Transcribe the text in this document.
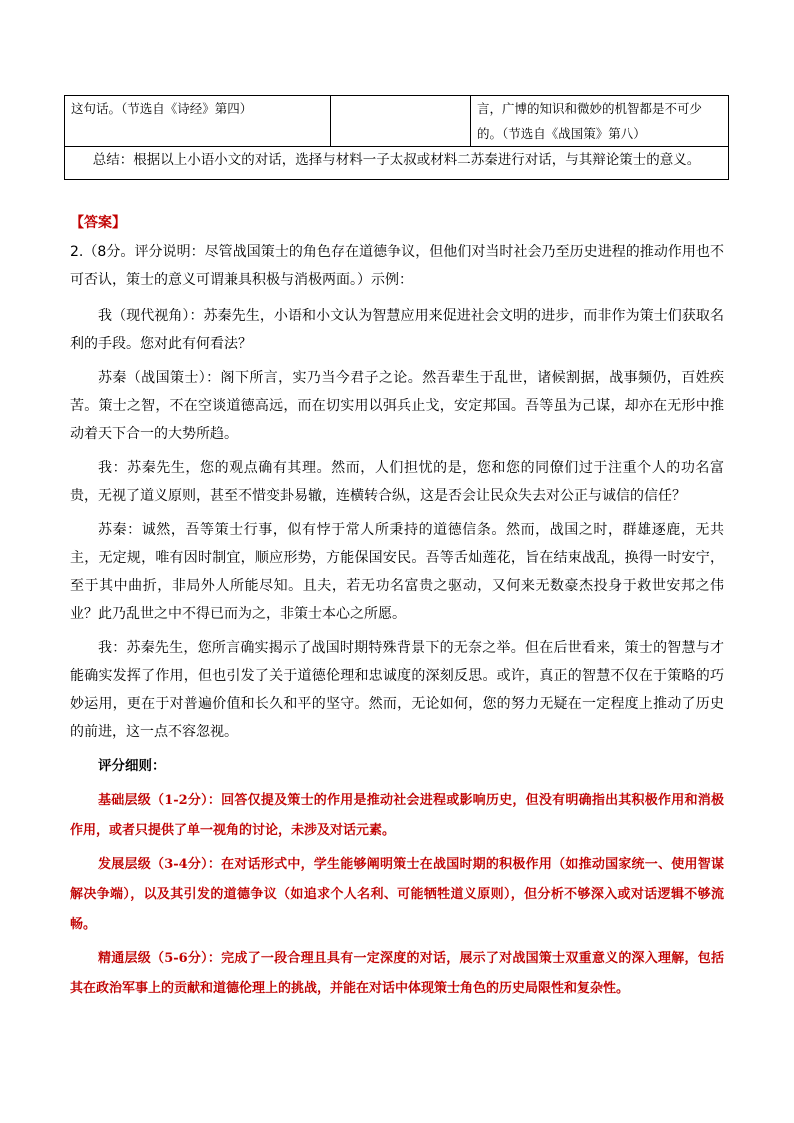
这句话。（节选自《诗经》第四）		言，广博的知识和微妙的机智都是不可少
的。（节选自《战国策》第八）

总结：根据以上小语小文的对话，选择与材料一子太叔或材料二苏秦进行对话，与其辩论策士的意义。
【答案】

2.（8分。评分说明：尽管战国策士的角色存在道德争议，但他们对当时社会乃至历史进程的推动作用也不可否认，策士的意义可谓兼具积极与消极两面。）示例：

我（现代视角）：苏秦先生，小语和小文认为智慧应用来促进社会文明的进步，而非作为策士们获取名利的手段。您对此有何看法？

苏秦（战国策士）：阁下所言，实乃当今君子之论。然吾辈生于乱世，诸候割据，战事频仍，百姓疾苦。策士之智，不在空谈道德高远，而在切实用以弭兵止戈，安定邦国。吾等虽为己谋，却亦在无形中推动着天下合一的大势所趋。

我：苏秦先生，您的观点确有其理。然而，人们担忧的是，您和您的同僚们过于注重个人的功名富贵，无视了道义原则，甚至不惜变卦易辙，连横转合纵，这是否会让民众失去对公正与诚信的信任？

苏秦：诚然，吾等策士行事，似有悖于常人所秉持的道德信条。然而，战国之时，群雄逐鹿，无共主，无定规，唯有因时制宜，顺应形势，方能保国安民。吾等舌灿莲花，旨在结束战乱，换得一时安宁，至于其中曲折，非局外人所能尽知。且夫，若无功名富贵之驱动，又何来无数豪杰投身于救世安邦之伟业？此乃乱世之中不得已而为之，非策士本心之所愿。

我：苏秦先生，您所言确实揭示了战国时期特殊背景下的无奈之举。但在后世看来，策士的智慧与才能确实发挥了作用，但也引发了关于道德伦理和忠诚度的深刻反思。或许，真正的智慧不仅在于策略的巧妙运用，更在于对普遍价值和长久和平的坚守。然而，无论如何，您的努力无疑在一定程度上推动了历史的前进，这一点不容忽视。

评分细则：

基础层级（1-2分）：回答仅提及策士的作用是推动社会进程或影响历史，但没有明确指出其积极作用和消极作用，或者只提供了单一视角的讨论，未涉及对话元素。

发展层级（3-4分）：在对话形式中，学生能够阐明策士在战国时期的积极作用（如推动国家统一、使用智谋解决争端），以及其引发的道德争议（如追求个人名利、可能牺牲道义原则），但分析不够深入或对话逻辑不够流畅。

精通层级（5-6分）：完成了一段合理且具有一定深度的对话，展示了对战国策士双重意义的深入理解，包括其在政治军事上的贡献和道德伦理上的挑战，并能在对话中体现策士角色的历史局限性和复杂性。
